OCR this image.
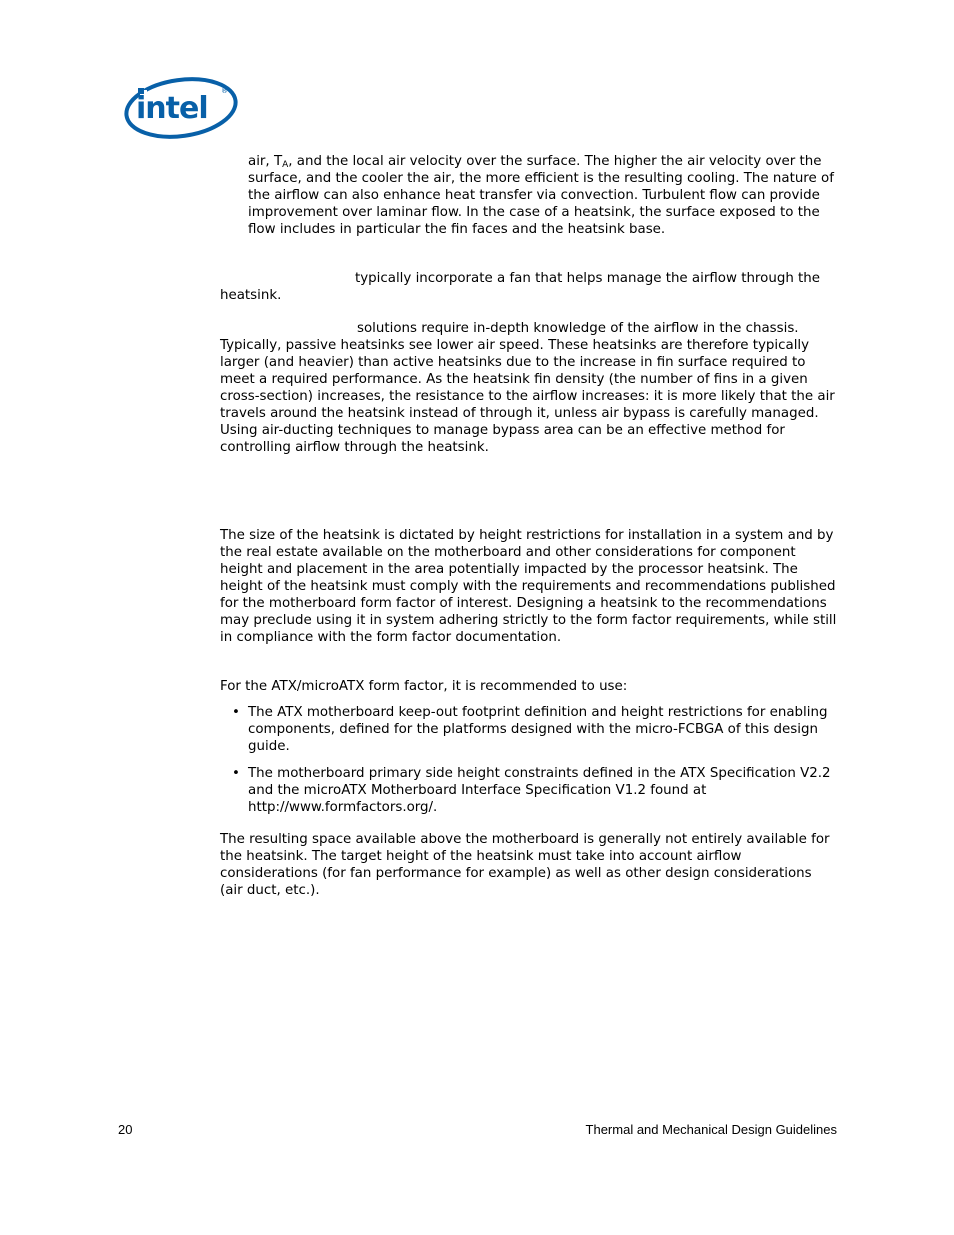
intel ®

air, $T_A$, and the local air velocity over the surface. The higher the air velocity over the surface, and the cooler the air, the more efficient is the resulting cooling. The nature of the airflow can also enhance heat transfer via convection. Turbulent flow can provide improvement over laminar flow. In the case of a heatsink, the surface exposed to the flow includes in particular the fin faces and the heatsink base.

typically incorporate a fan that helps manage the airflow through the heatsink.

solutions require in-depth knowledge of the airflow in the chassis. Typically, passive heatsinks see lower air speed. These heatsinks are therefore typically larger (and heavier) than active heatsinks due to the increase in fin surface required to meet a required performance. As the heatsink fin density (the number of fins in a given cross-section) increases, the resistance to the airflow increases: it is more likely that the air travels around the heatsink instead of through it, unless air bypass is carefully managed. Using air-ducting techniques to manage bypass area can be an effective method for controlling airflow through the heatsink.

The size of the heatsink is dictated by height restrictions for installation in a system and by the real estate available on the motherboard and other considerations for component height and placement in the area potentially impacted by the processor heatsink. The height of the heatsink must comply with the requirements and recommendations published for the motherboard form factor of interest. Designing a heatsink to the recommendations may preclude using it in system adhering strictly to the form factor requirements, while still in compliance with the form factor documentation.

For the ATX/microATX form factor, it is recommended to use:

• The ATX motherboard keep-out footprint definition and height restrictions for enabling components, defined for the platforms designed with the micro-FCBGA of this design guide.
• The motherboard primary side height constraints defined in the ATX Specification V2.2 and the microATX Motherboard Interface Specification V1.2 found at http://www.formfactors.org/.

The resulting space available above the motherboard is generally not entirely available for the heatsink. The target height of the heatsink must take into account airflow considerations (for fan performance for example) as well as other design considerations (air duct, etc.).

20	Thermal and Mechanical Design Guidelines
